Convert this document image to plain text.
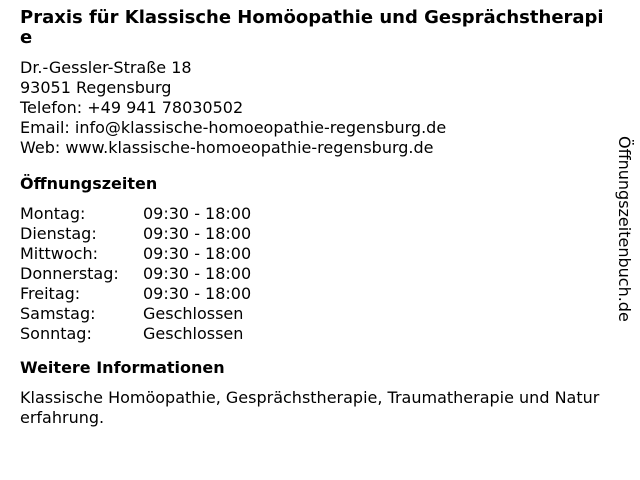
Praxis für Klassische Homöopathie und Gesprächstherapie
Dr.-Gessler-Straße 18
93051 Regensburg
Telefon: +49 941 78030502
Email: info@klassische-homoeopathie-regensburg.de
Web: www.klassische-homoeopathie-regensburg.de
Öffnungszeiten
Montag:	09:30 - 18:00
Dienstag:	09:30 - 18:00
Mittwoch:	09:30 - 18:00
Donnerstag:	09:30 - 18:00
Freitag:	09:30 - 18:00
Samstag:	Geschlossen
Sonntag:	Geschlossen
Weitere Informationen
Klassische Homöopathie, Gesprächstherapie, Traumatherapie und Naturerfahrung.
Öffnungszeitenbuch.de
